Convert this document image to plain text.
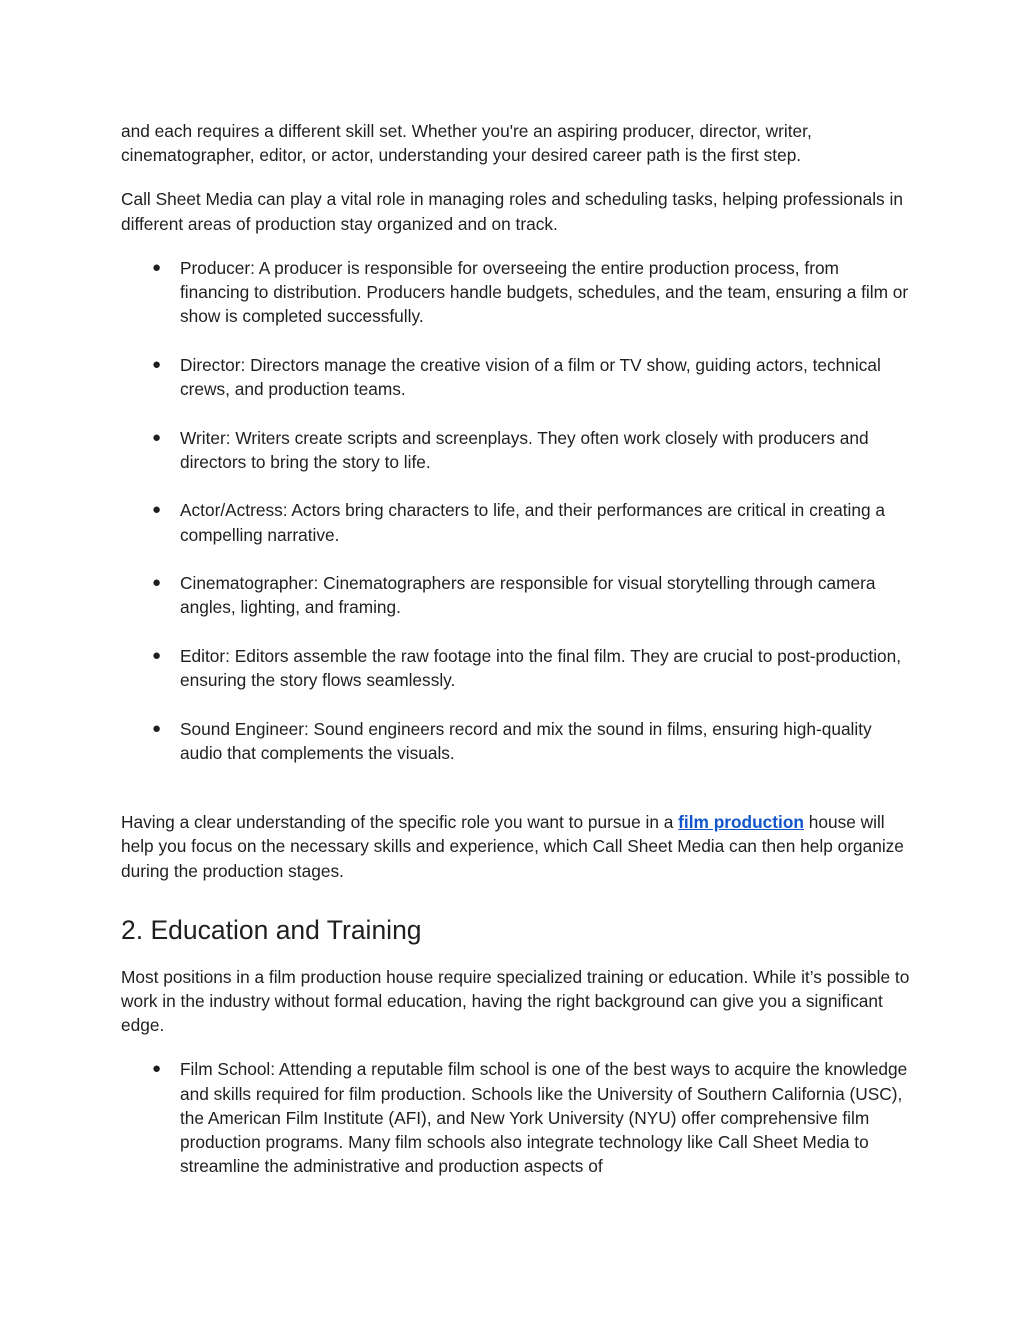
and each requires a different skill set. Whether you're an aspiring producer, director, writer, cinematographer, editor, or actor, understanding your desired career path is the first step.

Call Sheet Media can play a vital role in managing roles and scheduling tasks, helping professionals in different areas of production stay organized and on track.

● Producer: A producer is responsible for overseeing the entire production process, from financing to distribution. Producers handle budgets, schedules, and the team, ensuring a film or show is completed successfully.
● Director: Directors manage the creative vision of a film or TV show, guiding actors, technical crews, and production teams.
● Writer: Writers create scripts and screenplays. They often work closely with producers and directors to bring the story to life.
● Actor/Actress: Actors bring characters to life, and their performances are critical in creating a compelling narrative.
● Cinematographer: Cinematographers are responsible for visual storytelling through camera angles, lighting, and framing.
● Editor: Editors assemble the raw footage into the final film. They are crucial to post-production, ensuring the story flows seamlessly.
● Sound Engineer: Sound engineers record and mix the sound in films, ensuring high-quality audio that complements the visuals.

Having a clear understanding of the specific role you want to pursue in a film production house will help you focus on the necessary skills and experience, which Call Sheet Media can then help organize during the production stages.

2. Education and Training

Most positions in a film production house require specialized training or education. While it’s possible to work in the industry without formal education, having the right background can give you a significant edge.

● Film School: Attending a reputable film school is one of the best ways to acquire the knowledge and skills required for film production. Schools like the University of Southern California (USC), the American Film Institute (AFI), and New York University (NYU) offer comprehensive film production programs. Many film schools also integrate technology like Call Sheet Media to streamline the administrative and production aspects of
